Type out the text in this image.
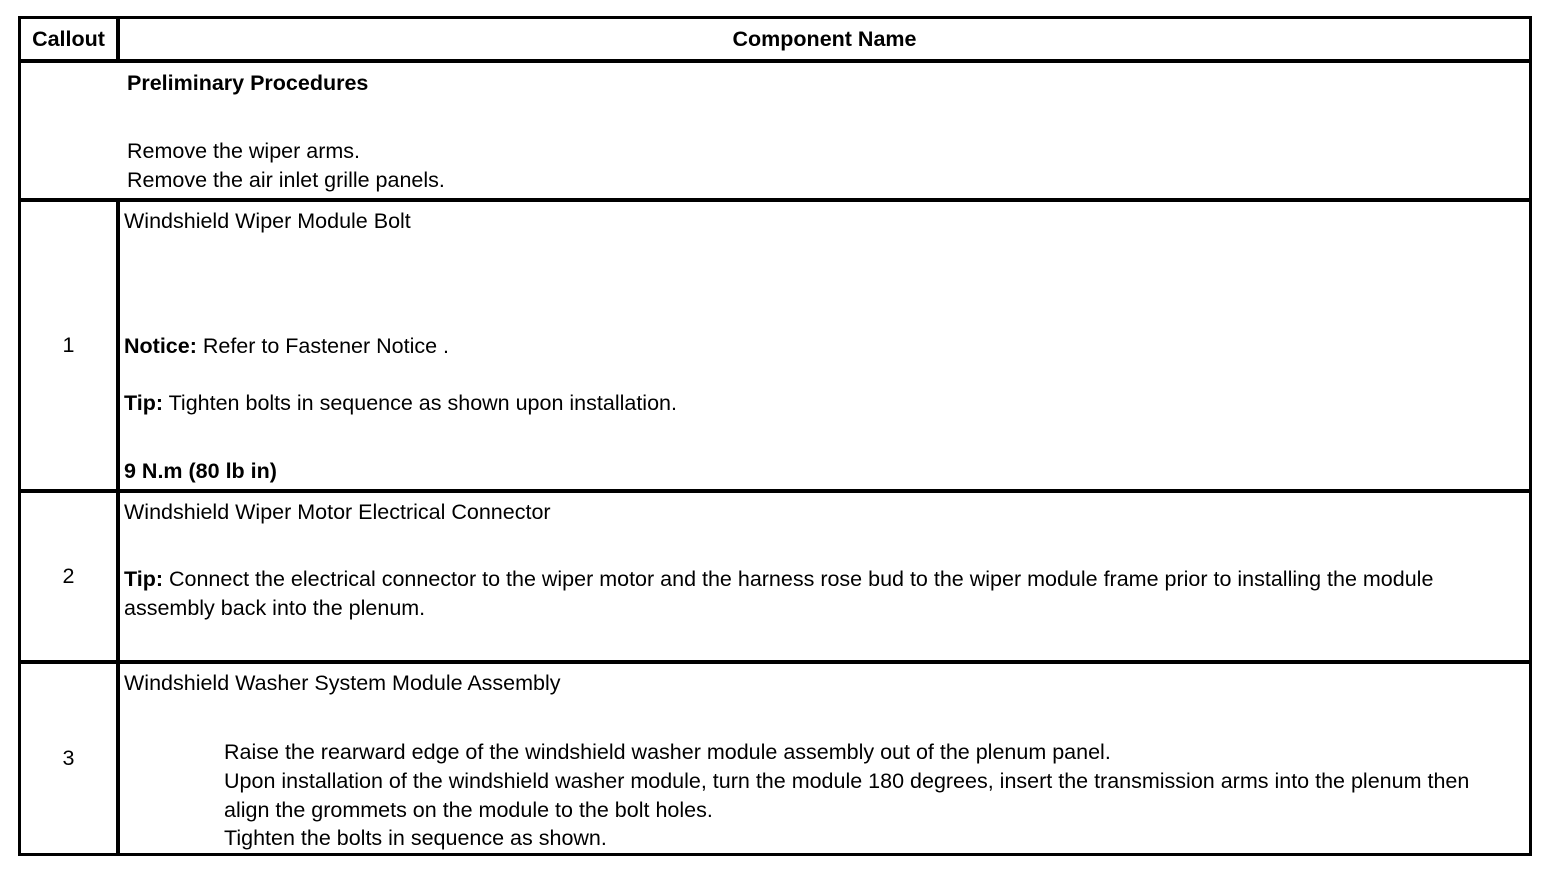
Callout	Component Name
Preliminary Procedures
Remove the wiper arms.
Remove the air inlet grille panels.
1
Windshield Wiper Module Bolt
Notice: Refer to Fastener Notice .
Tip: Tighten bolts in sequence as shown upon installation.
9 N.m (80 lb in)
2
Windshield Wiper Motor Electrical Connector
Tip: Connect the electrical connector to the wiper motor and the harness rose bud to the wiper module frame prior to installing the module assembly back into the plenum.
3
Windshield Washer System Module Assembly
Raise the rearward edge of the windshield washer module assembly out of the plenum panel.
Upon installation of the windshield washer module, turn the module 180 degrees, insert the transmission arms into the plenum then align the grommets on the module to the bolt holes.
Tighten the bolts in sequence as shown.
